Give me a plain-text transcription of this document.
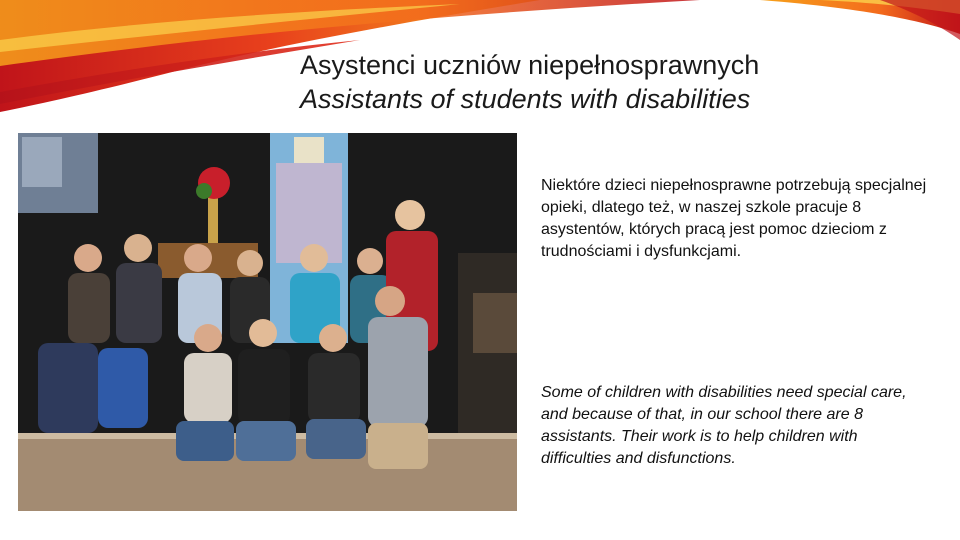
Asystenci uczniów niepełnosprawnych

Assistants of students with disabilities

Niektóre dzieci niepełnosprawne potrzebują specjalnej opieki, dlatego też, w naszej szkole pracuje 8 asystentów, których pracą jest pomoc dzieciom z trudnościami i dysfunkcjami.

Some of children with disabilities need special care, and because of that, in our school there are 8 assistants. Their work is to help children with difficulties and disfunctions.
